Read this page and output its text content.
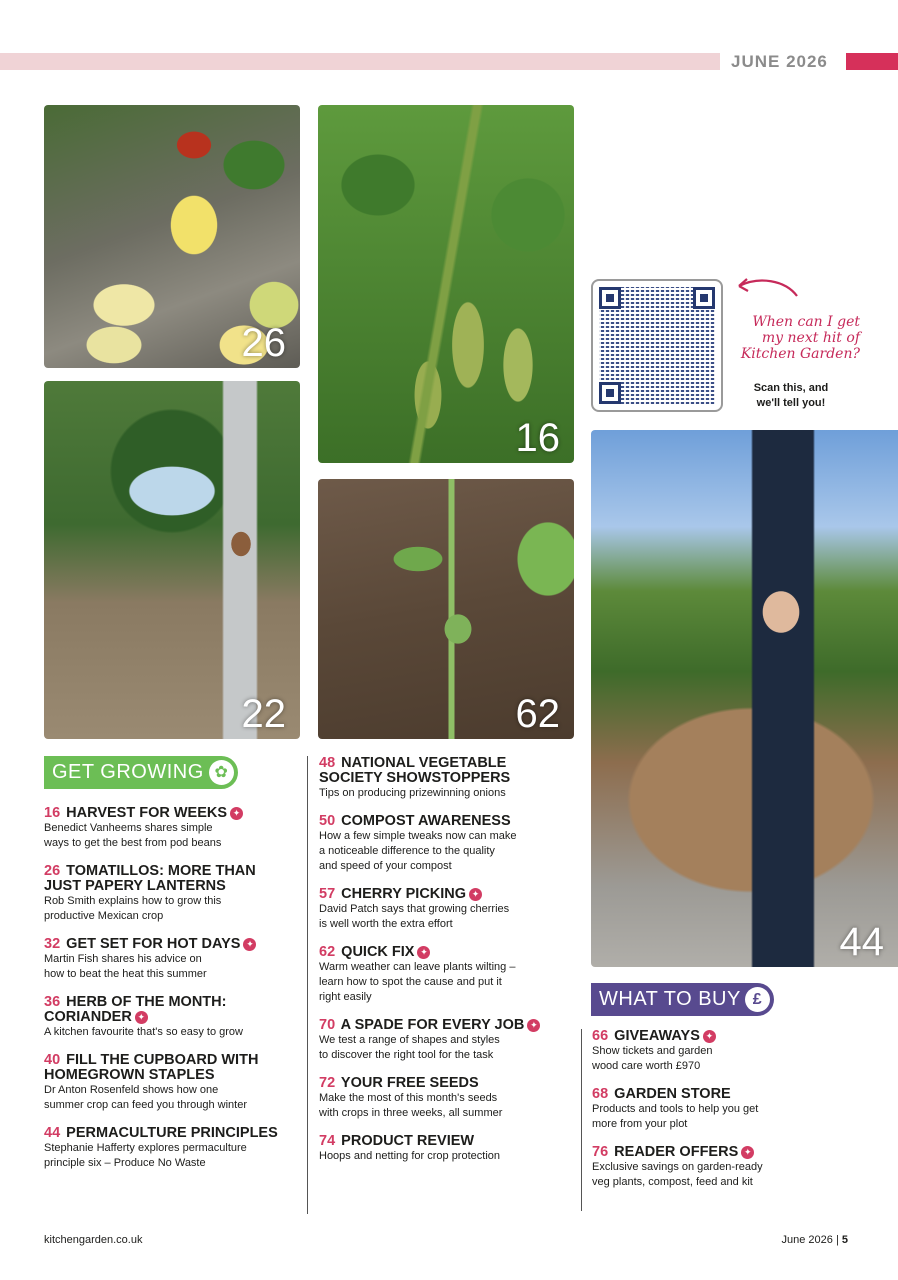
JUNE 2026
26
16
22	62
44
When can I get
my next hit of
Kitchen Garden?
Scan this, and
we'll tell you!
GET GROWING ✿
WHAT TO BUY £
16 HARVEST FOR WEEKS ✦

Benedict Vanheems shares simple

ways to get the best from pod beans

26 TOMATILLOS: MORE THAN
JUST PAPERY LANTERNS

Rob Smith explains how to grow this

productive Mexican crop

32 GET SET FOR HOT DAYS ✦

Martin Fish shares his advice on

how to beat the heat this summer

36 HERB OF THE MONTH:
CORIANDER ✦

A kitchen favourite that's so easy to grow

40 FILL THE CUPBOARD WITH
HOMEGROWN STAPLES

Dr Anton Rosenfeld shows how one

summer crop can feed you through winter

44 PERMACULTURE PRINCIPLES

Stephanie Hafferty explores permaculture

principle six – Produce No Waste

48 NATIONAL VEGETABLE
SOCIETY SHOWSTOPPERS

Tips on producing prizewinning onions

50 COMPOST AWARENESS

How a few simple tweaks now can make

a noticeable difference to the quality

and speed of your compost

57 CHERRY PICKING ✦

David Patch says that growing cherries

is well worth the extra effort

62 QUICK FIX ✦

Warm weather can leave plants wilting –

learn how to spot the cause and put it

right easily

70 A SPADE FOR EVERY JOB ✦

We test a range of shapes and styles

to discover the right tool for the task

72 YOUR FREE SEEDS

Make the most of this month's seeds

with crops in three weeks, all summer

74 PRODUCT REVIEW

Hoops and netting for crop protection

66 GIVEAWAYS ✦

Show tickets and garden

wood care worth £970

68 GARDEN STORE

Products and tools to help you get

more from your plot

76 READER OFFERS ✦

Exclusive savings on garden-ready

veg plants, compost, feed and kit

kitchengarden.co.uk	June 2026 | 5
